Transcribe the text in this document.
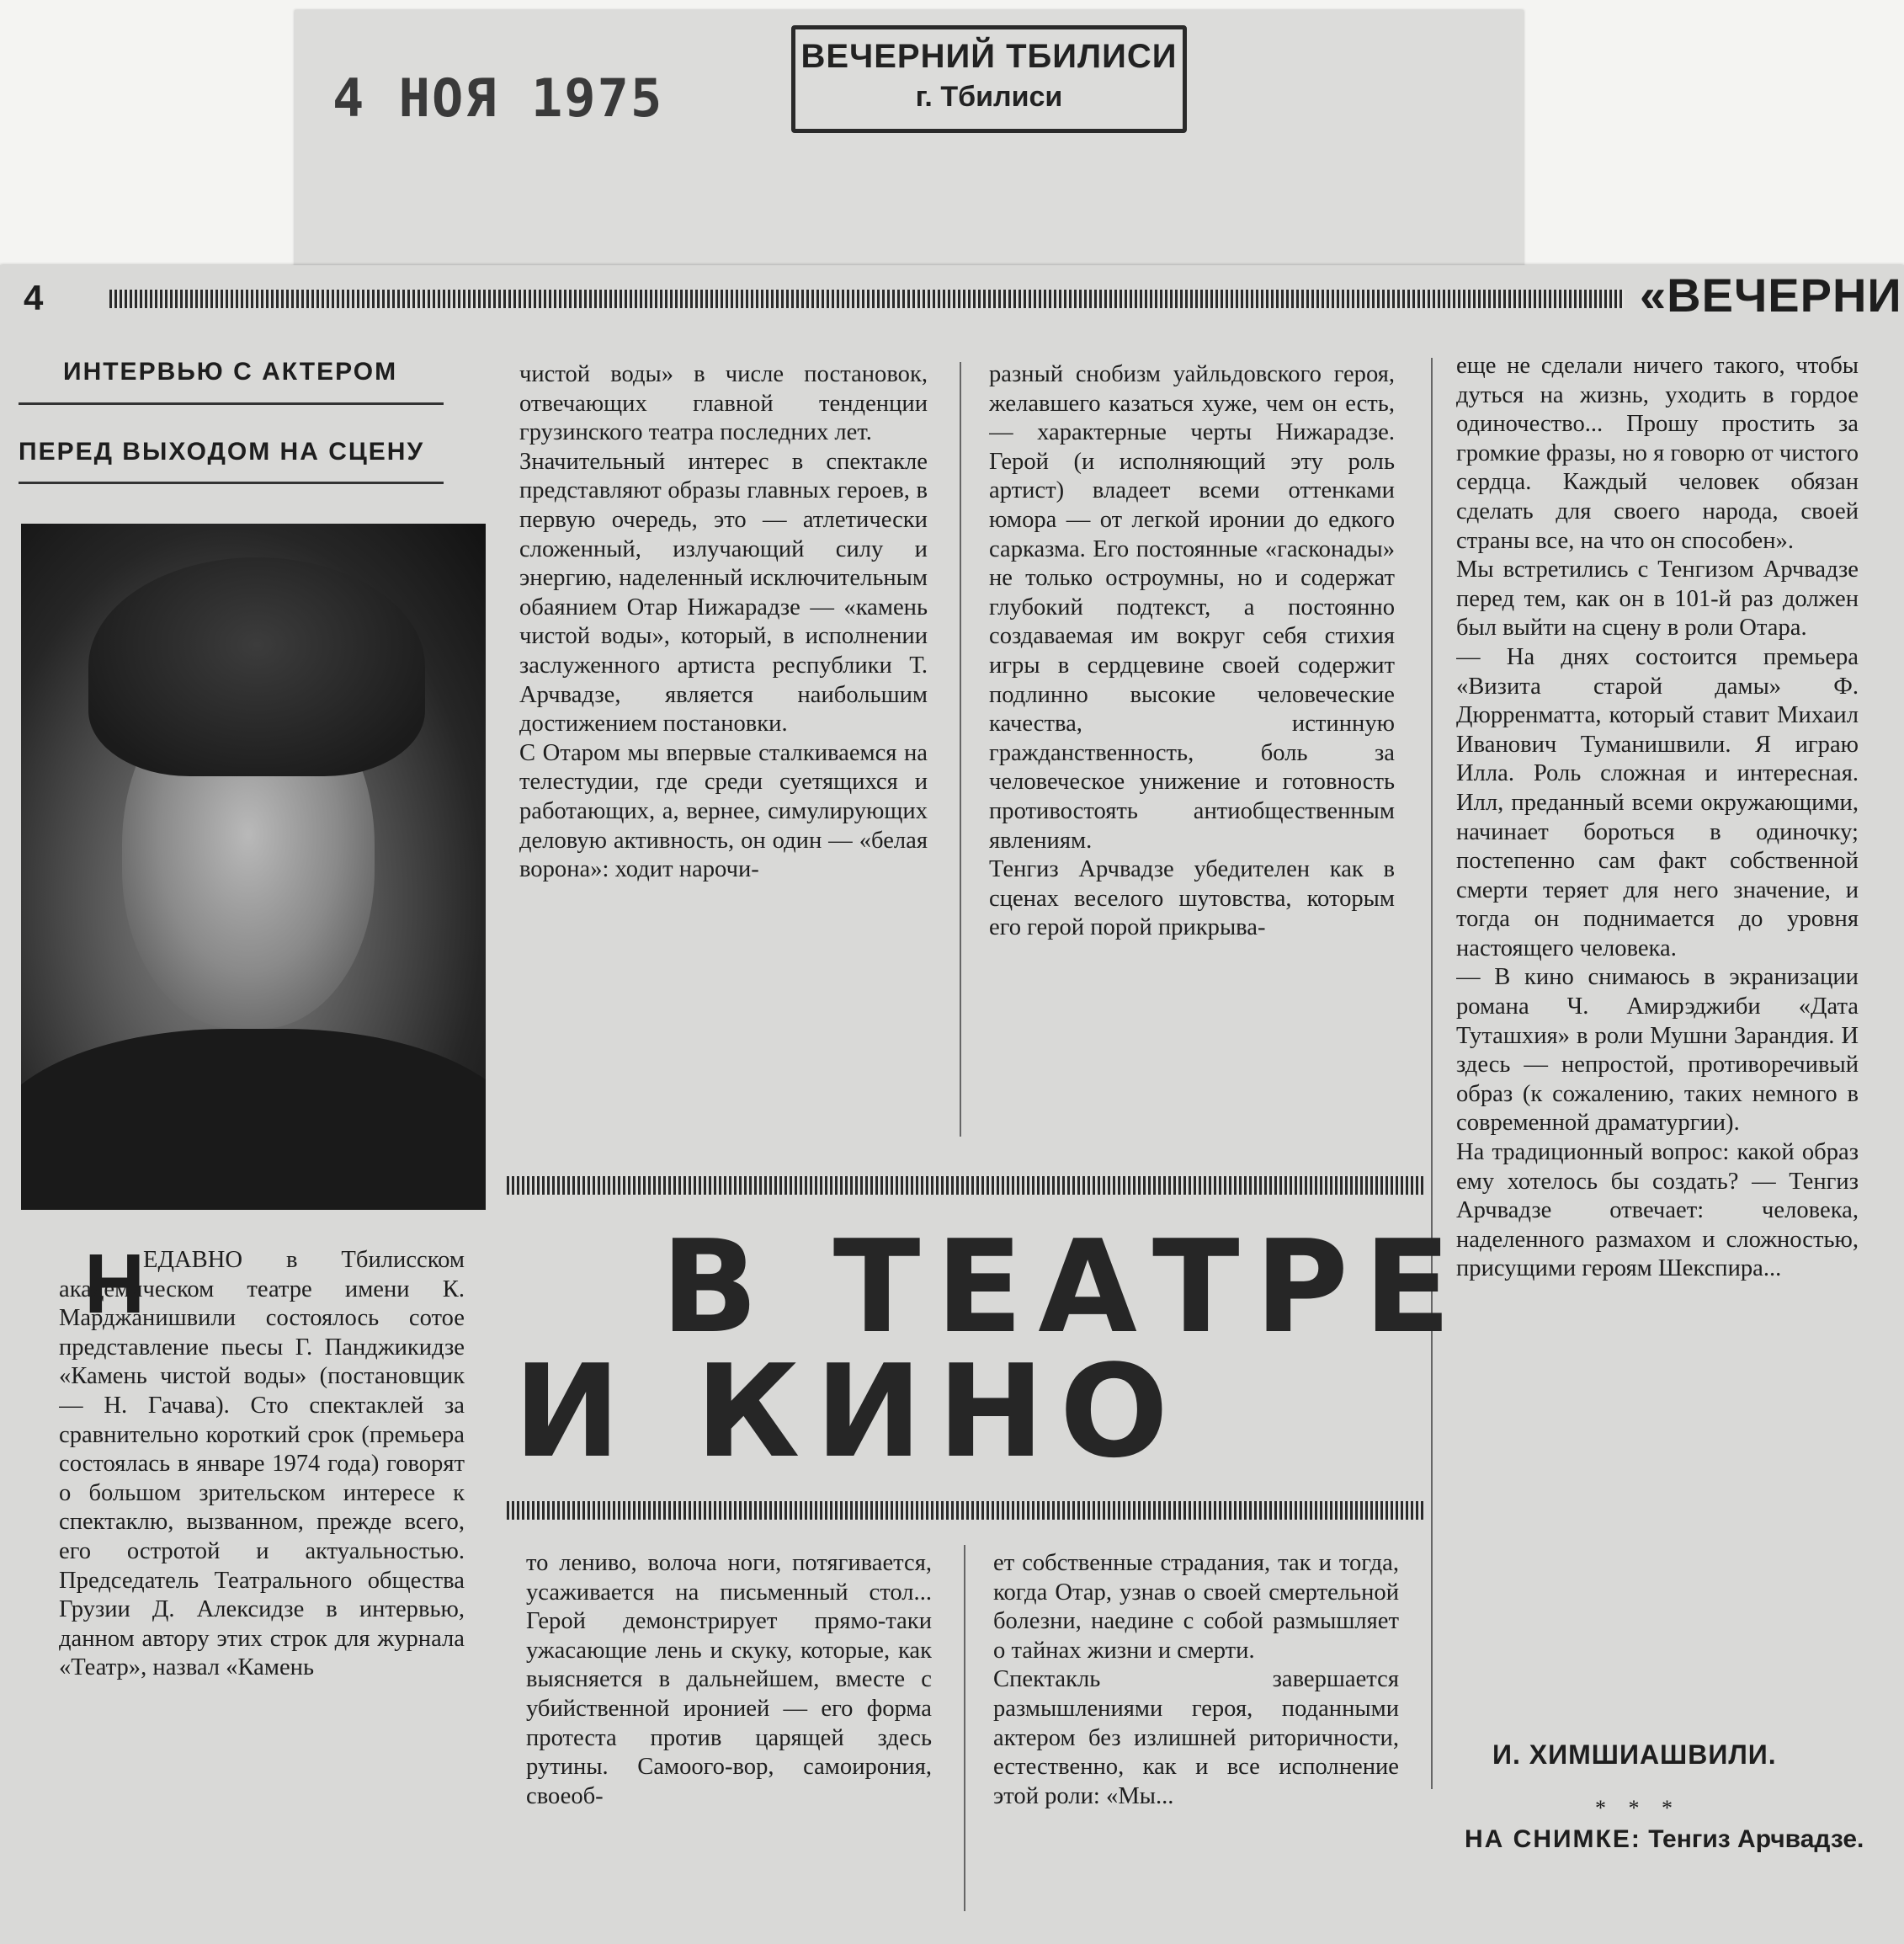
4 НОЯ 1975
ВЕЧЕРНИЙ ТБИЛИСИ
г. Тбилиси
4	«ВЕЧЕРНИ
ИНТЕРВЬЮ С АКТЕРОМ
ПЕРЕД ВЫХОДОМ НА СЦЕНУ
Н
ЕДАВНО в Тбилисском академическом театре имени К. Марджанишвили состоялось сотое представление пьесы Г. Панджикидзе «Камень чистой воды» (постановщик — Н. Гачава). Сто спектаклей за сравнительно короткий срок (премьера состоялась в январе 1974 года) говорят о большом зрительском интересе к спектаклю, вызванном, прежде всего, его остротой и актуальностью. Председатель Театрального общества Грузии Д. Алексидзе в интервью, данном автору этих строк для журнала «Театр», назвал «Камень
чистой воды» в числе постановок, отвечающих главной тенденции грузинского театра последних лет.
Значительный интерес в спектакле представляют образы главных героев, в первую очередь, это — атлетически сложенный, излучающий силу и энергию, наделенный исключительным обаянием Отар Нижарадзе — «камень чистой воды», который, в исполнении заслуженного артиста республики Т. Арчвадзе, является наибольшим достижением постановки.
С Отаром мы впервые сталкиваемся на телестудии, где среди суетящихся и работающих, а, вернее, симулирующих деловую активность, он один — «белая ворона»: ходит нарочи-
разный снобизм уайльдовского героя, желавшего казаться хуже, чем он есть, — характерные черты Нижарадзе. Герой (и исполняющий эту роль артист) владеет всеми оттенками юмора — от легкой иронии до едкого сарказма. Его постоянные «гасконады» не только остроумны, но и содержат глубокий подтекст, а постоянно создаваемая им вокруг себя стихия игры в сердцевине своей содержит подлинно высокие человеческие качества, истинную гражданственность, боль за человеческое унижение и готовность противостоять антиобщественным явлениям.
Тенгиз Арчвадзе убедителен как в сценах веселого шутовства, которым его герой порой прикрыва-
В ТЕАТРЕ
И КИНО
то лениво, волоча ноги, потягивается, усаживается на письменный стол... Герой демонстрирует прямо-таки ужасающие лень и скуку, которые, как выясняется в дальнейшем, вместе с убийственной иронией — его форма протеста против царящей здесь рутины. Самоого-вор, самоирония, своеоб-
ет собственные страдания, так и тогда, когда Отар, узнав о своей смертельной болезни, наедине с собой размышляет о тайнах жизни и смерти.
Спектакль завершается размышлениями героя, поданными актером без излишней риторичности, естественно, как и все исполнение этой роли: «Мы...
еще не сделали ничего такого, чтобы дуться на жизнь, уходить в гордое одиночество... Прошу простить за громкие фразы, но я говорю от чистого сердца. Каждый человек обязан сделать для своего народа, своей страны все, на что он способен».
Мы встретились с Тенгизом Арчвадзе перед тем, как он в 101-й раз должен был выйти на сцену в роли Отара.
— На днях состоится премьера «Визита старой дамы» Ф. Дюрренматта, который ставит Михаил Иванович Туманишвили. Я играю Илла. Роль сложная и интересная. Илл, преданный всеми окружающими, начинает бороться в одиночку; постепенно сам факт собственной смерти теряет для него значение, и тогда он поднимается до уровня настоящего человека.
— В кино снимаюсь в экранизации романа Ч. Амирэджиби «Дата Туташхия» в роли Мушни Зарандия. И здесь — непростой, противоречивый образ (к сожалению, таких немного в современной драматургии).
На традиционный вопрос: какой образ ему хотелось бы создать? — Тенгиз Арчвадзе отвечает: человека, наделенного размахом и сложностью, присущими героям Шекспира...
И. ХИМШИАШВИЛИ.
* * *
НА СНИМКЕ: Тенгиз Арчвадзе.
